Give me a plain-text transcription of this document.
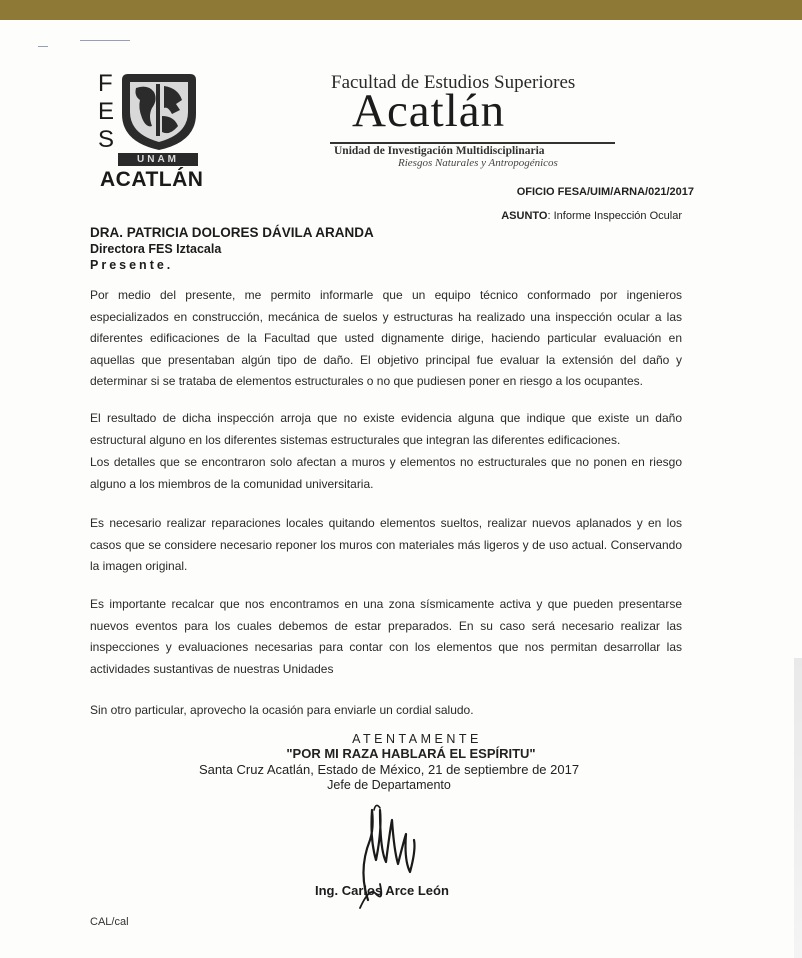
F
E
S
UNAM
ACATLÁN
Facultad de Estudios Superiores
Acatlán
Unidad de Investigación Multidisciplinaria
Riesgos Naturales y Antropogénicos
OFICIO FESA/UIM/ARNA/021/2017
ASUNTO: Informe Inspección Ocular
DRA. PATRICIA DOLORES DÁVILA ARANDA
Directora FES Iztacala
Presente.
Por medio del presente, me permito informarle que un equipo técnico conformado por ingenieros especializados en construcción, mecánica de suelos y estructuras ha realizado una inspección ocular a las diferentes edificaciones de la Facultad que usted dignamente dirige, haciendo particular evaluación en aquellas que presentaban algún tipo de daño. El objetivo principal fue evaluar la extensión del daño y determinar si se trataba de elementos estructurales o no que pudiesen poner en riesgo a los ocupantes.
El resultado de dicha inspección arroja que no existe evidencia alguna que indique que existe un daño estructural alguno en los diferentes sistemas estructurales que integran las diferentes edificaciones.
Los detalles que se encontraron solo afectan a muros y elementos no estructurales que no ponen en riesgo alguno a los miembros de la comunidad universitaria.
Es necesario realizar reparaciones locales quitando elementos sueltos, realizar nuevos aplanados y en los casos que se considere necesario reponer los muros con materiales más ligeros y de uso actual. Conservando la imagen original.
Es importante recalcar que nos encontramos en una zona sísmicamente activa y que pueden presentarse nuevos eventos para los cuales debemos de estar preparados. En su caso será necesario realizar las inspecciones y evaluaciones necesarias para contar con los elementos que nos permitan desarrollar las actividades sustantivas de nuestras Unidades
Sin otro particular, aprovecho la ocasión para enviarle un cordial saludo.
ATENTAMENTE
"POR MI RAZA HABLARÁ EL ESPÍRITU"
Santa Cruz Acatlán, Estado de México, 21 de septiembre de 2017
Jefe de Departamento
Ing. Carlos Arce León
CAL/cal
